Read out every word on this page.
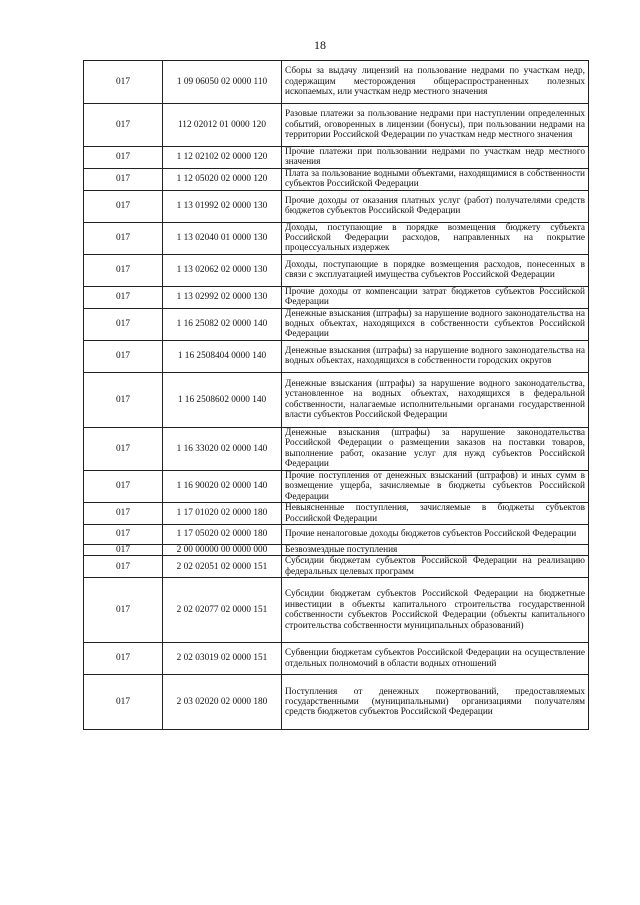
18
017	1 09 06050 02 0000 110	Сборы за выдачу лицензий на пользование недрами по участкам недр, содержащим месторождения общераспространенных полезных ископаемых, или участкам недр местного значения
017	112 02012 01 0000 120	Разовые платежи за пользование недрами при наступлении определенных событий, оговоренных в лицензии (бонусы), при пользовании недрами на территории Российской Федерации по участкам недр местного значения
017	1 12 02102 02 0000 120	Прочие платежи при пользовании недрами по участкам недр местного значения
017	1 12 05020 02 0000 120	Плата за пользование водными объектами, находящимися в собственности субъектов Российской Федерации
017	1 13 01992 02 0000 130	Прочие доходы от оказания платных услуг (работ) получателями средств бюджетов субъектов Российской Федерации
017	1 13 02040 01 0000 130	Доходы, поступающие в порядке возмещения бюджету субъекта Российской Федерации расходов, направленных на покрытие процессуальных издержек
017	1 13 02062 02 0000 130	Доходы, поступающие в порядке возмещения расходов, понесенных в связи с эксплуатацией имущества субъектов Российской Федерации
017	1 13 02992 02 0000 130	Прочие доходы от компенсации затрат бюджетов субъектов Российской Федерации
017	1 16 25082 02 0000 140	Денежные взыскания (штрафы) за нарушение водного законодательства на водных объектах, находящихся в собственности субъектов Российской Федерации
017	1 16 2508404 0000 140	Денежные взыскания (штрафы) за нарушение водного законодательства на водных объектах, находящихся в собственности городских округов
017	1 16 2508602 0000 140	Денежные взыскания (штрафы) за нарушение водного законодательства, установленное на водных объектах, находящихся в федеральной собственности, налагаемые исполнительными органами государственной власти субъектов Российской Федерации
017	1 16 33020 02 0000 140	Денежные взыскания (штрафы) за нарушение законодательства Российской Федерации о размещении заказов на поставки товаров, выполнение работ, оказание услуг для нужд субъектов Российской Федерации
017	1 16 90020 02 0000 140	Прочие поступления от денежных взысканий (штрафов) и иных сумм в возмещение ущерба, зачисляемые в бюджеты субъектов Российской Федерации
017	1 17 01020 02 0000 180	Невыясненные поступления, зачисляемые в бюджеты субъектов Российской Федерации
017	1 17 05020 02 0000 180	Прочие неналоговые доходы бюджетов субъектов Российской Федерации
017	2 00 00000 00 0000 000	Безвозмездные поступления
017	2 02 02051 02 0000 151	Субсидии бюджетам субъектов Российской Федерации на реализацию федеральных целевых программ
017	2 02 02077 02 0000 151	Субсидии бюджетам субъектов Российской Федерации на бюджетные инвестиции в объекты капитального строительства государственной собственности субъектов Российской Федерации (объекты капитального строительства собственности муниципальных образований)
017	2 02 03019 02 0000 151	Субвенции бюджетам субъектов Российской Федерации на осуществление отдельных полномочий в области водных отношений
017	2 03 02020 02 0000 180	Поступления от денежных пожертвований, предоставляемых государственными (муниципальными) организациями получателям средств бюджетов субъектов Российской Федерации
